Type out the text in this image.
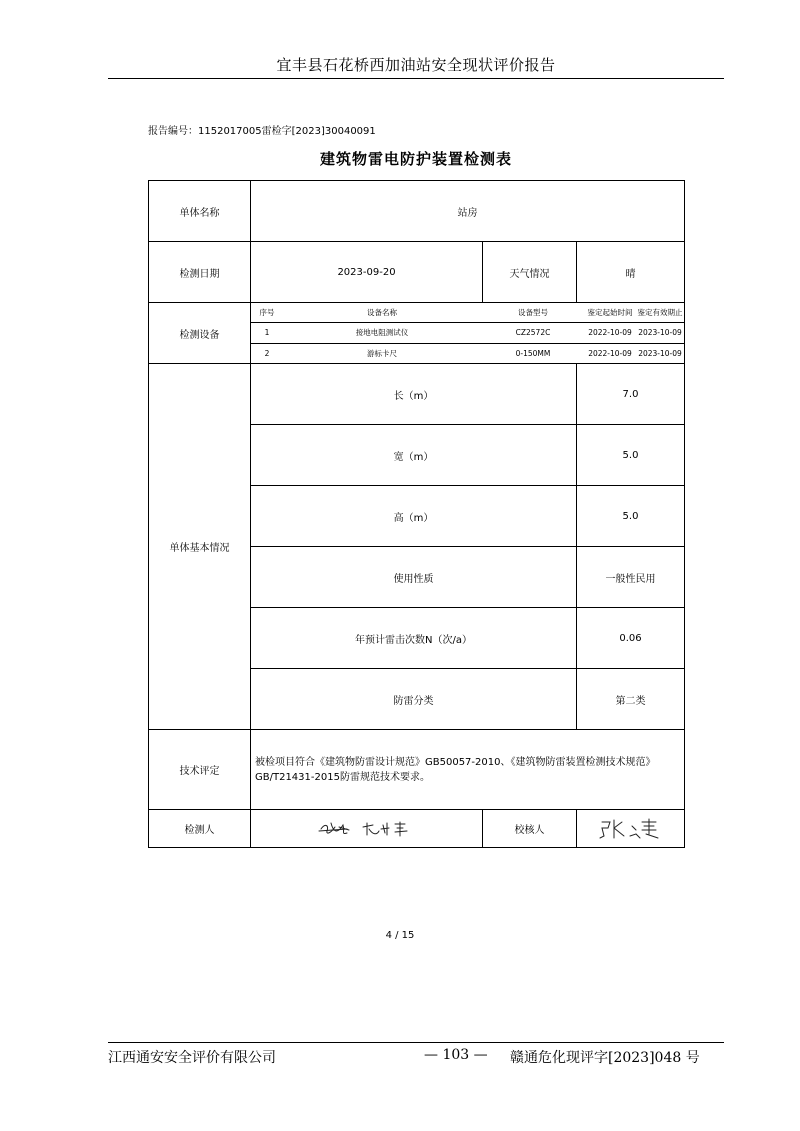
宜丰县石花桥西加油站安全现状评价报告
报告编号：1152017005雷检字[2023]30040091
建筑物雷电防护装置检测表
单体名称	站房
检测日期	2023-09-20	天气情况	晴
检测设备	
序号	设备名称	设备型号	鉴定起始时间	鉴定有效期止
1	接地电阻测试仪	CZ2572C	2022-10-09	2023-10-09
2	游标卡尺	0-150MM	2022-10-09	2023-10-09

单体基本情况	长（m）	7.0
宽（m）	5.0
高（m）	5.0
使用性质	一般性民用
年预计雷击次数N（次/a）	0.06
防雷分类	第二类
技术评定	被检项目符合《建筑物防雷设计规范》GB50057-2010、《建筑物防雷装置检测技术规范》GB/T21431-2015防雷规范技术要求。
检测人		校核人	
4 / 15
江西通安安全评价有限公司	— 103 — 赣通危化现评字[2023]048 号
